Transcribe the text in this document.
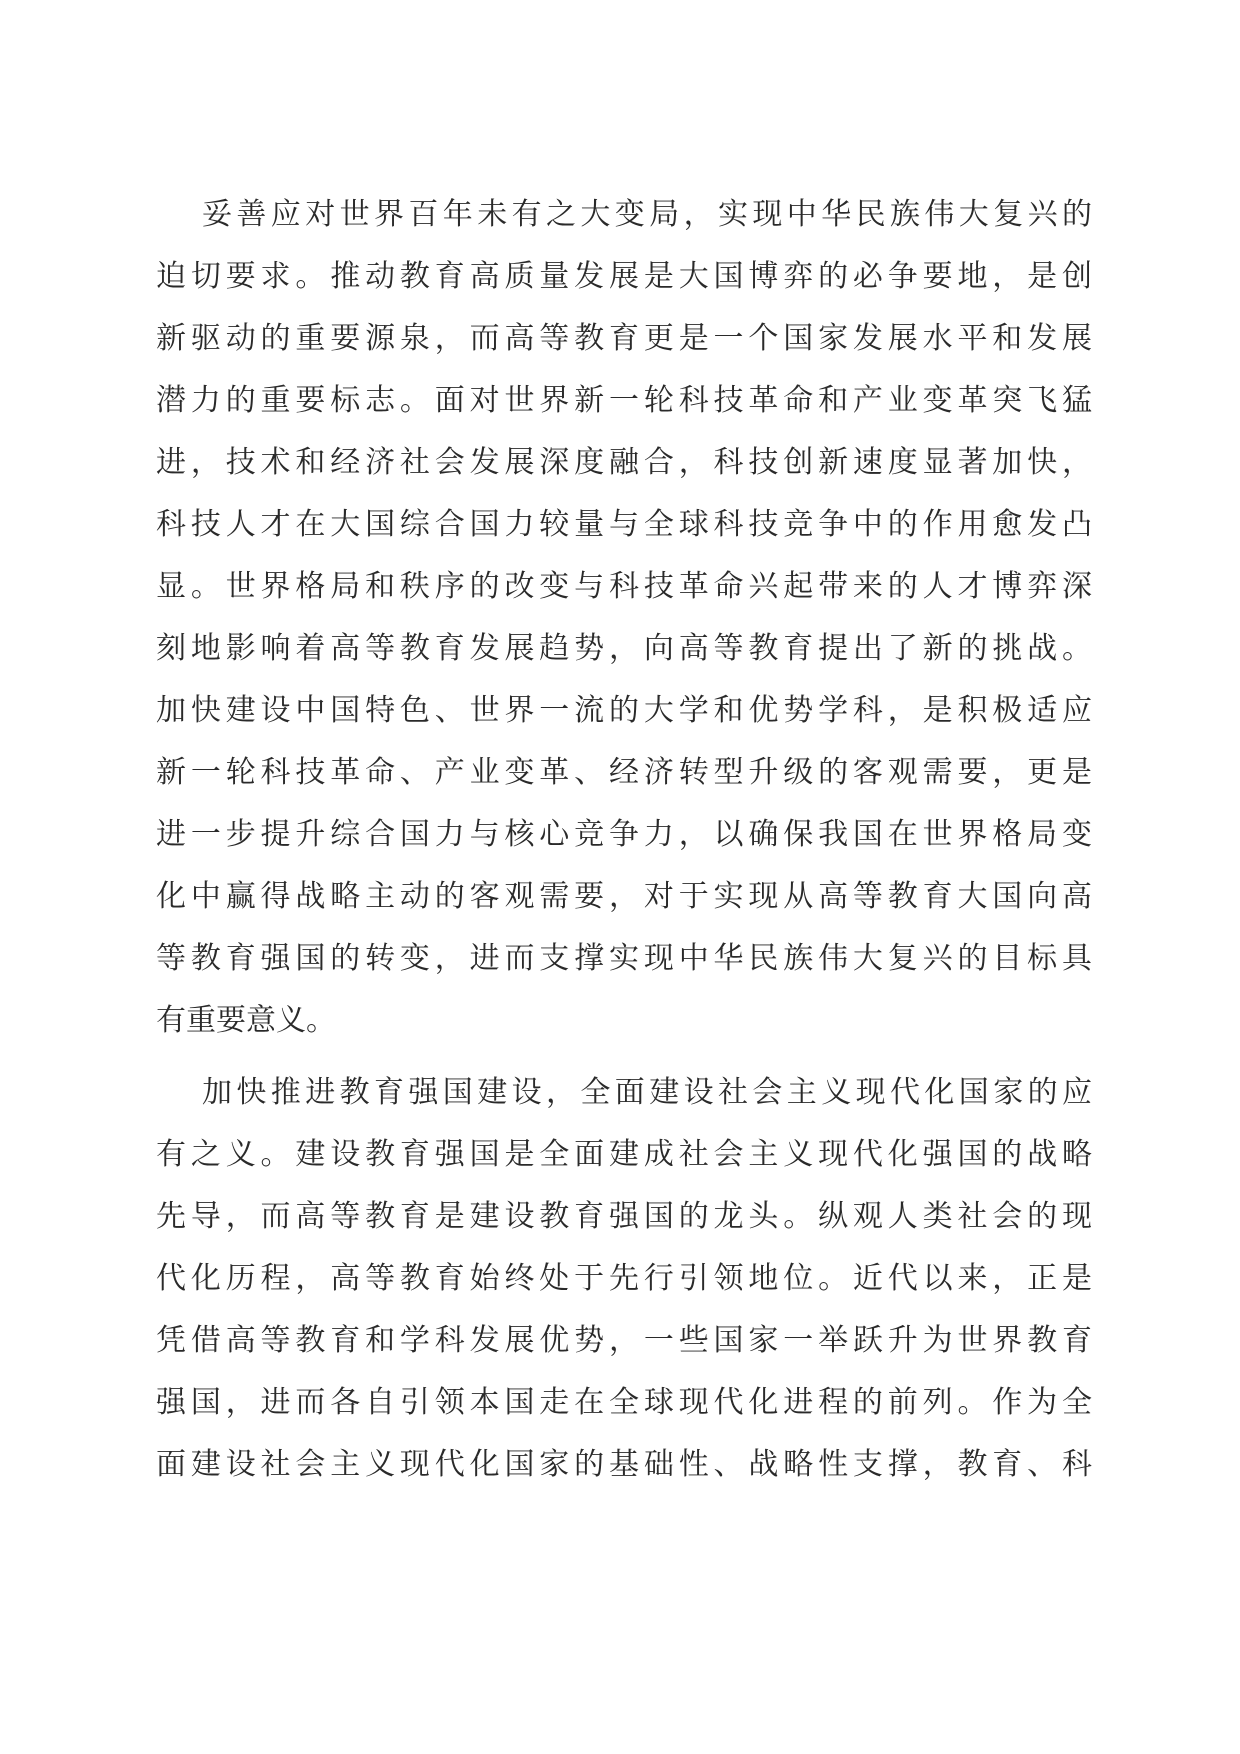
妥善应对世界百年未有之大变局，实现中华民族伟大复兴的
迫切要求。推动教育高质量发展是大国博弈的必争要地，是创
新驱动的重要源泉，而高等教育更是一个国家发展水平和发展
潜力的重要标志。面对世界新一轮科技革命和产业变革突飞猛
进，技术和经济社会发展深度融合，科技创新速度显著加快，
科技人才在大国综合国力较量与全球科技竞争中的作用愈发凸
显。世界格局和秩序的改变与科技革命兴起带来的人才博弈深
刻地影响着高等教育发展趋势，向高等教育提出了新的挑战。
加快建设中国特色、世界一流的大学和优势学科，是积极适应
新一轮科技革命、产业变革、经济转型升级的客观需要，更是
进一步提升综合国力与核心竞争力，以确保我国在世界格局变
化中赢得战略主动的客观需要，对于实现从高等教育大国向高
等教育强国的转变，进而支撑实现中华民族伟大复兴的目标具
有重要意义。
加快推进教育强国建设，全面建设社会主义现代化国家的应
有之义。建设教育强国是全面建成社会主义现代化强国的战略
先导，而高等教育是建设教育强国的龙头。纵观人类社会的现
代化历程，高等教育始终处于先行引领地位。近代以来，正是
凭借高等教育和学科发展优势，一些国家一举跃升为世界教育
强国，进而各自引领本国走在全球现代化进程的前列。作为全
面建设社会主义现代化国家的基础性、战略性支撑，教育、科
